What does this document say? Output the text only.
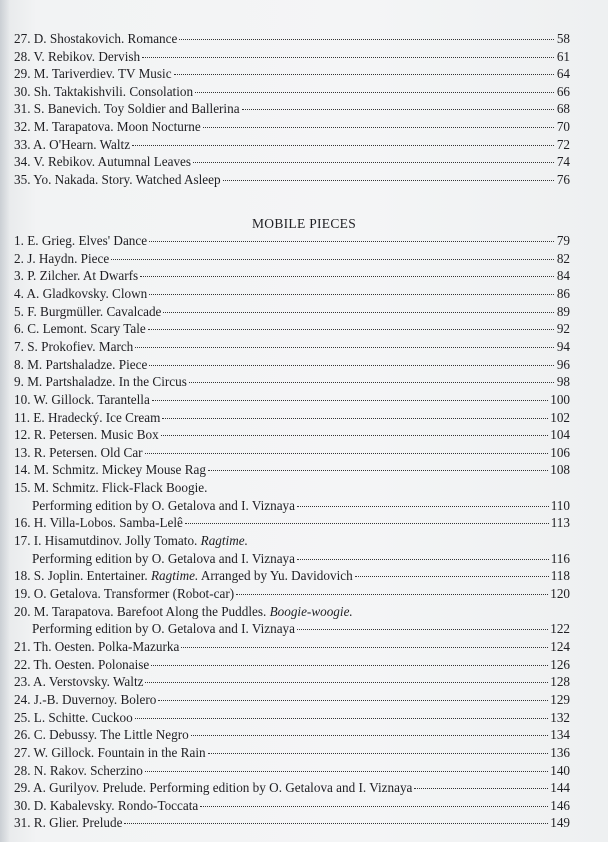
27. D. Shostakovich. Romance	58
28. V. Rebikov. Dervish	61
29. M. Tariverdiev. TV Music	64
30. Sh. Taktakishvili. Consolation	66
31. S. Banevich. Toy Soldier and Ballerina	68
32. M. Tarapatova. Moon Nocturne	70
33. A. O'Hearn. Waltz	72
34. V. Rebikov. Autumnal Leaves	74
35. Yo. Nakada. Story. Watched Asleep	76
MOBILE PIECES
1. E. Grieg. Elves' Dance	79
2. J. Haydn. Piece	82
3. P. Zilcher. At Dwarfs	84
4. A. Gladkovsky. Clown	86
5. F. Burgmüller. Cavalcade	89
6. C. Lemont. Scary Tale	92
7. S. Prokofiev. March	94
8. M. Partshaladze. Piece	96
9. M. Partshaladze. In the Circus	98
10. W. Gillock. Tarantella	100
11. E. Hradecký. Ice Cream	102
12. R. Petersen. Music Box	104
13. R. Petersen. Old Car	106
14. M. Schmitz. Mickey Mouse Rag	108
15. M. Schmitz. Flick-Flack Boogie.
Performing edition by O. Getalova and I. Viznaya	110
16. H. Villa-Lobos. Samba-Lelê	113
17. I. Hisamutdinov. Jolly Tomato. Ragtime.
Performing edition by O. Getalova and I. Viznaya	116
18. S. Joplin. Entertainer. Ragtime. Arranged by Yu. Davidovich	118
19. O. Getalova. Transformer (Robot-car)	120
20. M. Tarapatova. Barefoot Along the Puddles. Boogie-woogie.
Performing edition by O. Getalova and I. Viznaya	122
21. Th. Oesten. Polka-Mazurka	124
22. Th. Oesten. Polonaise	126
23. A. Verstovsky. Waltz	128
24. J.-B. Duvernoy. Bolero	129
25. L. Schitte. Cuckoo	132
26. C. Debussy. The Little Negro	134
27. W. Gillock. Fountain in the Rain	136
28. N. Rakov. Scherzino	140
29. A. Gurilyov. Prelude. Performing edition by O. Getalova and I. Viznaya	144
30. D. Kabalevsky. Rondo-Toccata	146
31. R. Glier. Prelude	149
